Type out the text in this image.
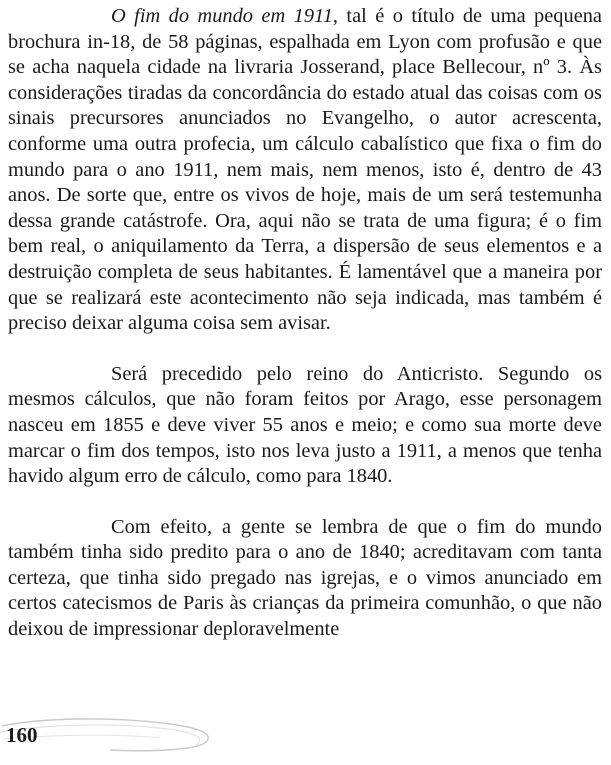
O fim do mundo em 1911, tal é o título de uma pequena brochura in-18, de 58 páginas, espalhada em Lyon com profusão e que se acha naquela cidade na livraria Josserand, place Bellecour, nº 3. Às considerações tiradas da concordância do estado atual das coisas com os sinais precursores anunciados no Evangelho, o autor acrescenta, conforme uma outra profecia, um cálculo cabalístico que fixa o fim do mundo para o ano 1911, nem mais, nem menos, isto é, dentro de 43 anos. De sorte que, entre os vivos de hoje, mais de um será testemunha dessa grande catástrofe. Ora, aqui não se trata de uma figura; é o fim bem real, o aniquilamento da Terra, a dispersão de seus elementos e a destruição completa de seus habitantes. É lamentável que a maneira por que se realizará este acontecimento não seja indicada, mas também é preciso deixar alguma coisa sem avisar.

Será precedido pelo reino do Anticristo. Segundo os mesmos cálculos, que não foram feitos por Arago, esse personagem nasceu em 1855 e deve viver 55 anos e meio; e como sua morte deve marcar o fim dos tempos, isto nos leva justo a 1911, a menos que tenha havido algum erro de cálculo, como para 1840.

Com efeito, a gente se lembra de que o fim do mundo também tinha sido predito para o ano de 1840; acreditavam com tanta certeza, que tinha sido pregado nas igrejas, e o vimos anunciado em certos catecismos de Paris às crianças da primeira comunhão, o que não deixou de impressionar deploravelmente

160
